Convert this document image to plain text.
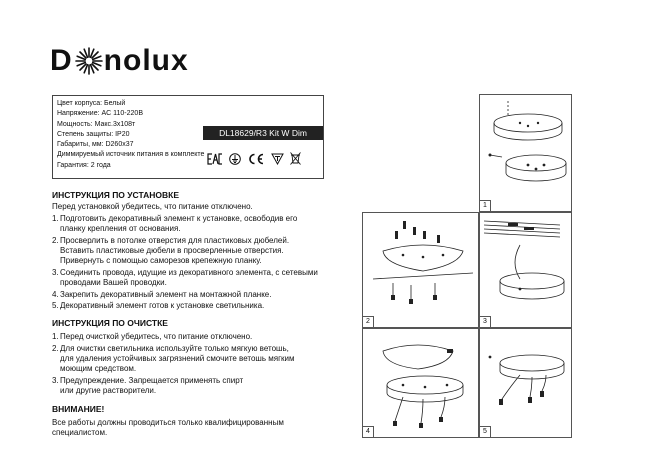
D nolux
Цвет корпуса: Белый
Напряжение: AC 110-220В
Мощность: Макс.3x108т
Степень защиты: IP20
Габариты, мм: D260x37
Диммируемый источник питания в комплекте
Гарантия: 2 года
DL18629/R3 Kit W Dim
ИНСТРУКЦИЯ ПО УСТАНОВКЕ
Перед установкой убедитесь, что питание отключено.
1.Подготовить декоративный элемент к установке, освободив его
планку крепления от основания.
2.Просверлить в потолке отверстия для пластиковых дюбелей.
Вставить пластиковые дюбели в просверленные отверстия.
Привернуть с помощью саморезов крепежную планку.
3.Соединить провода, идущие из декоративного элемента, с сетевыми
проводами Вашей проводки.
4.Закрепить декоративный элемент на монтажной планке.
5.Декоративный элемент готов к установке светильника.
ИНСТРУКЦИЯ ПО ОЧИСТКЕ
1.Перед очисткой убедитесь, что питание отключено.
2.Для очистки светильника используйте только мягкую ветошь,
для удаления устойчивых загрязнений смочите ветошь мягким
моющим средством.
3.Предупреждение. Запрещается применять спирт
или другие растворители.
ВНИМАНИЕ!
Все работы должны проводиться только квалифицированным
специалистом.
1
2	3
4	5
